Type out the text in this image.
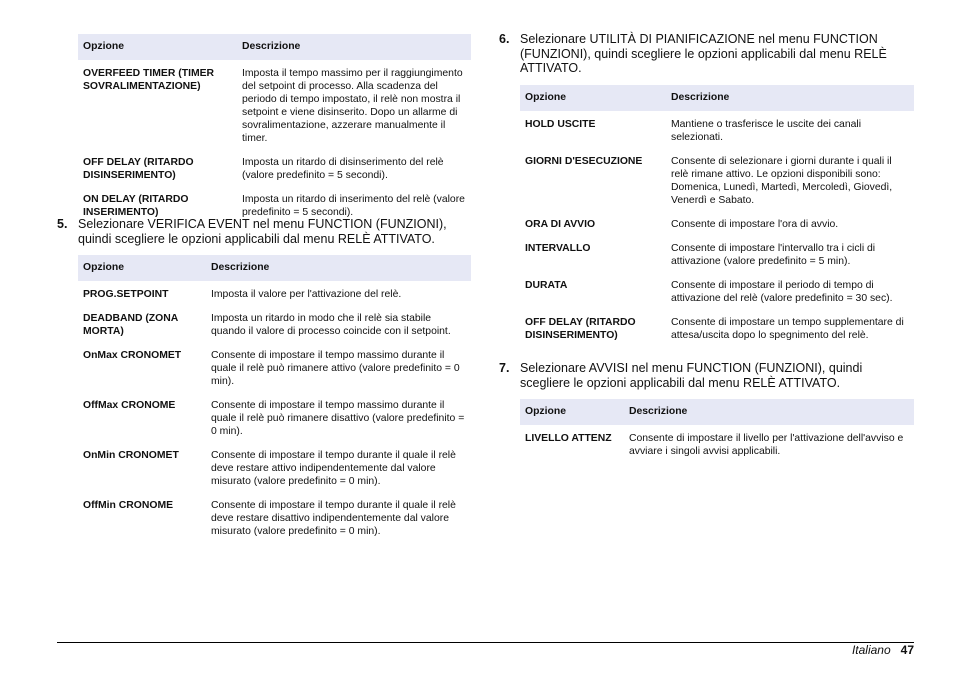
Opzione	Descrizione
OVERFEED TIMER (TIMER SOVRALIMENTAZIONE)	Imposta il tempo massimo per il raggiungimento del setpoint di processo. Alla scadenza del periodo di tempo impostato, il relè non mostra il setpoint e viene disinserito. Dopo un allarme di sovralimentazione, azzerare manualmente il timer.
OFF DELAY (RITARDO DISINSERIMENTO)	Imposta un ritardo di disinserimento del relè (valore predefinito = 5 secondi).
ON DELAY (RITARDO INSERIMENTO)	Imposta un ritardo di inserimento del relè (valore predefinito = 5 secondi).
5. Selezionare VERIFICA EVENT nel menu FUNCTION (FUNZIONI), quindi scegliere le opzioni applicabili dal menu RELÈ ATTIVATO.
Opzione	Descrizione
PROG.SETPOINT	Imposta il valore per l'attivazione del relè.
DEADBAND (ZONA MORTA)	Imposta un ritardo in modo che il relè sia stabile quando il valore di processo coincide con il setpoint.
OnMax CRONOMET	Consente di impostare il tempo massimo durante il quale il relè può rimanere attivo (valore predefinito = 0 min).
OffMax CRONOME	Consente di impostare il tempo massimo durante il quale il relè può rimanere disattivo (valore predefinito = 0 min).
OnMin CRONOMET	Consente di impostare il tempo durante il quale il relè deve restare attivo indipendentemente dal valore misurato (valore predefinito = 0 min).
OffMin CRONOME	Consente di impostare il tempo durante il quale il relè deve restare disattivo indipendentemente dal valore misurato (valore predefinito = 0 min).
6. Selezionare UTILITÀ DI PIANIFICAZIONE nel menu FUNCTION (FUNZIONI), quindi scegliere le opzioni applicabili dal menu RELÈ ATTIVATO.
Opzione	Descrizione
HOLD USCITE	Mantiene o trasferisce le uscite dei canali selezionati.
GIORNI D'ESECUZIONE	Consente di selezionare i giorni durante i quali il relè rimane attivo. Le opzioni disponibili sono: Domenica, Lunedì, Martedì, Mercoledì, Giovedì, Venerdì e Sabato.
ORA DI AVVIO	Consente di impostare l'ora di avvio.
INTERVALLO	Consente di impostare l'intervallo tra i cicli di attivazione (valore predefinito = 5 min).
DURATA	Consente di impostare il periodo di tempo di attivazione del relè (valore predefinito = 30 sec).
OFF DELAY (RITARDO DISINSERIMENTO)	Consente di impostare un tempo supplementare di attesa/uscita dopo lo spegnimento del relè.
7. Selezionare AVVISI nel menu FUNCTION (FUNZIONI), quindi scegliere le opzioni applicabili dal menu RELÈ ATTIVATO.
Opzione	Descrizione
LIVELLO ATTENZ	Consente di impostare il livello per l'attivazione dell'avviso e avviare i singoli avvisi applicabili.
Italiano 47
